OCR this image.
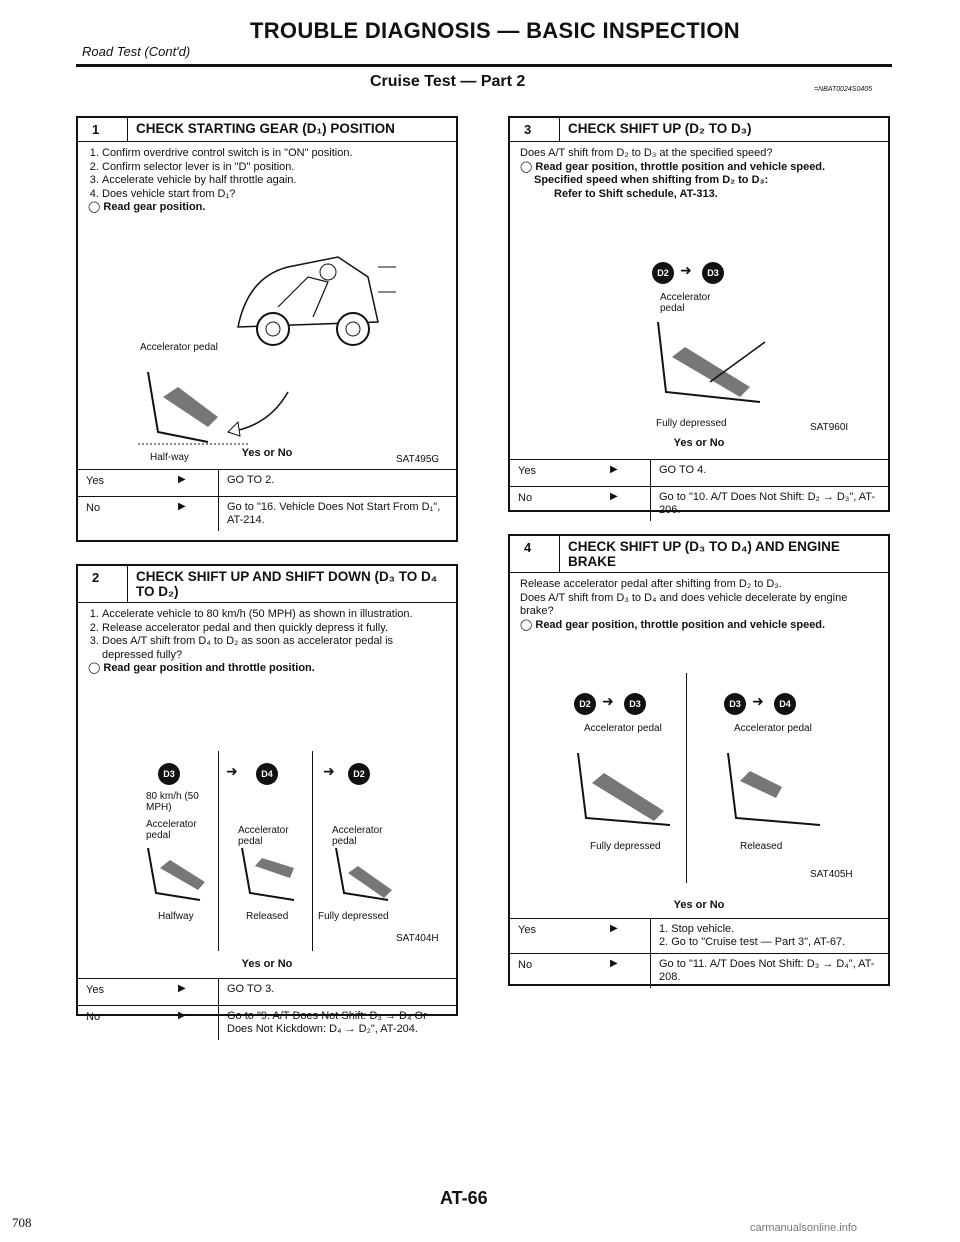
TROUBLE DIAGNOSIS — BASIC INSPECTION
Road Test (Cont'd)
Cruise Test — Part 2	=NBAT0024S0405
1	CHECK STARTING GEAR (D₁) POSITION
1. Confirm overdrive control switch is in "ON" position.
2. Confirm selector lever is in "D" position.
3. Accelerate vehicle by half throttle again.
4. Does vehicle start from D₁?
◯ Read gear position.
Accelerator pedal
Half-way	SAT495G
Yes or No
Yes	▶	GO TO 2.
No	▶	Go to "16. Vehicle Does Not Start From D₁", AT-214.
2	CHECK SHIFT UP AND SHIFT DOWN (D₃ TO D₄ TO D₂)
1. Accelerate vehicle to 80 km/h (50 MPH) as shown in illustration.
2. Release accelerator pedal and then quickly depress it fully.
3. Does A/T shift from D₄ to D₂ as soon as accelerator pedal is depressed fully?
◯ Read gear position and throttle position.
D3	➜	D4	➜	D2
80 km/h (50 MPH)
Accelerator pedal	Accelerator pedal
Accelerator pedal
Halfway	Released	Fully depressed
SAT404H
Yes or No
Yes	▶	GO TO 3.
No	▶	Go to "9. A/T Does Not Shift: D₃ → D₄ Or Does Not Kickdown: D₄ → D₂", AT-204.
3	CHECK SHIFT UP (D₂ TO D₃)
Does A/T shift from D₂ to D₃ at the specified speed?
◯ Read gear position, throttle position and vehicle speed.
Specified speed when shifting from D₂ to D₃:
Refer to Shift schedule, AT-313.
D2 ➜	D3
Accelerator pedal
Fully depressed	SAT960I
Yes or No
Yes	▶	GO TO 4.
No	▶	Go to "10. A/T Does Not Shift: D₂ → D₃", AT-206.
4	CHECK SHIFT UP (D₃ TO D₄) AND ENGINE BRAKE
Release accelerator pedal after shifting from D₂ to D₃.
Does A/T shift from D₃ to D₄ and does vehicle decelerate by engine brake?
◯ Read gear position, throttle position and vehicle speed.
D2 ➜	D3	D3 ➜	D4
Accelerator pedal	Accelerator pedal
Fully depressed	Released
SAT405H
Yes or No
Yes	▶	1. Stop vehicle.
2. Go to "Cruise test — Part 3", AT-67.
No	▶	Go to "11. A/T Does Not Shift: D₃ → D₄", AT-208.
AT-66
708	carmanualsonline.info
